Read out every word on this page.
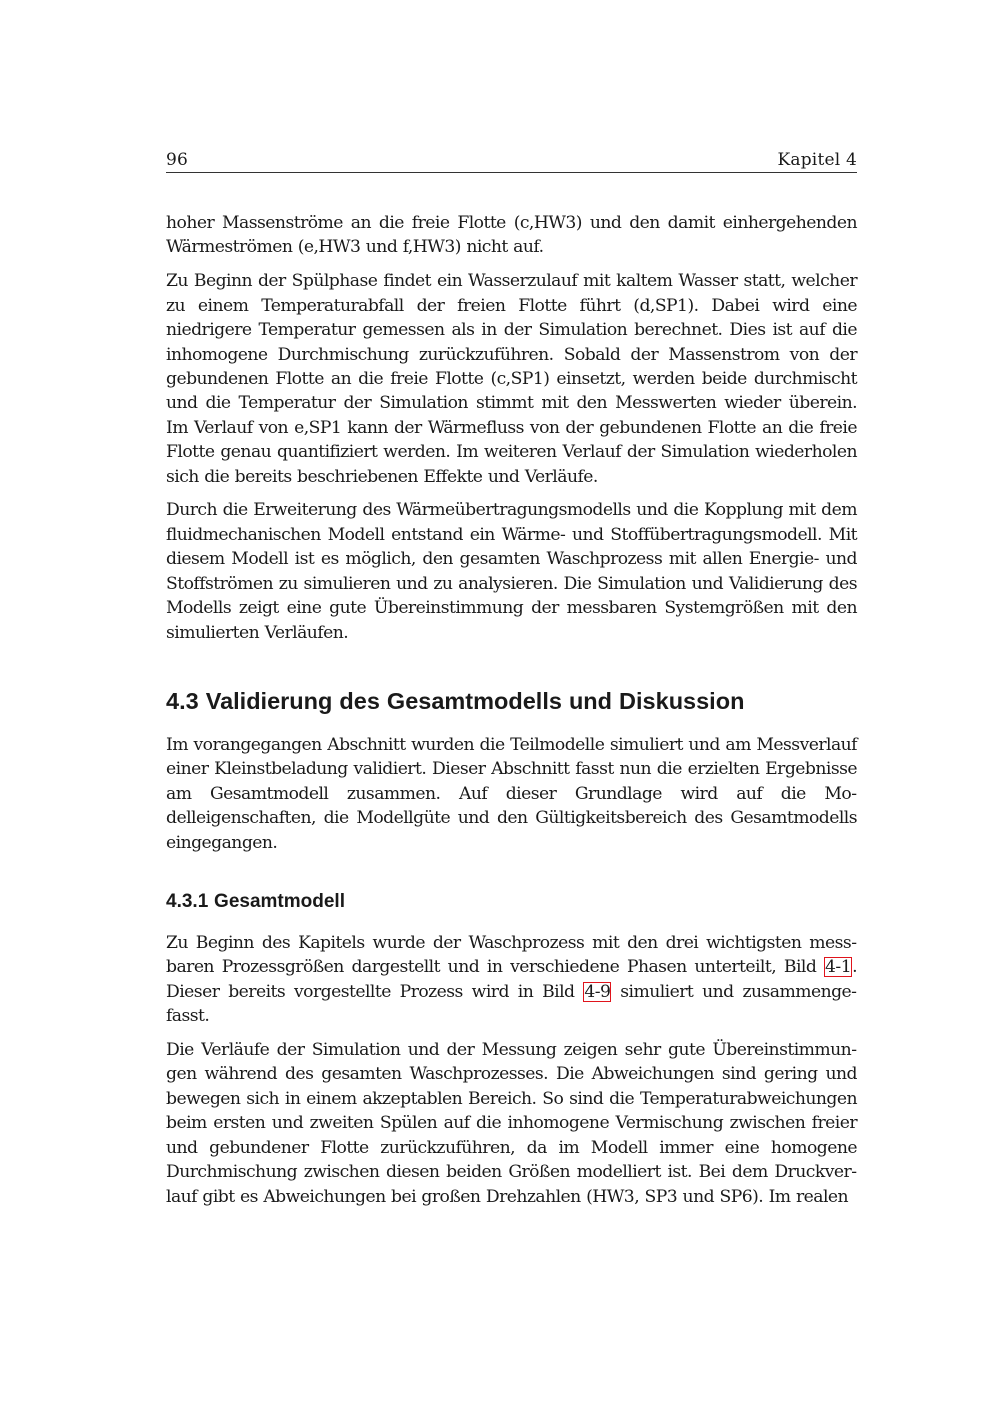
96	Kapitel 4

hoher Massenströme an die freie Flotte (c,HW3) und den damit einhergehenden Wärmeströmen (e,HW3 und f,HW3) nicht auf.

Zu Beginn der Spülphase findet ein Wasserzulauf mit kaltem Wasser statt, welcher zu einem Temperaturabfall der freien Flotte führt (d,SP1). Dabei wird eine niedrigere Temperatur gemessen als in der Simulation berechnet. Dies ist auf die inhomogene Durchmischung zurückzuführen. Sobald der Massenstrom von der gebundenen Flotte an die freie Flotte (c,SP1) einsetzt, werden beide durchmischt und die Temperatur der Simulation stimmt mit den Messwerten wieder überein. Im Verlauf von e,SP1 kann der Wärmefluss von der gebundenen Flotte an die freie Flotte genau quantifiziert werden. Im weiteren Verlauf der Simulation wiederholen sich die bereits beschriebenen Effekte und Verläufe.

Durch die Erweiterung des Wärmeübertragungsmodells und die Kopplung mit dem fluidmechanischen Modell entstand ein Wärme- und Stoffübertragungsmodell. Mit diesem Modell ist es möglich, den gesamten Waschprozess mit allen Energie- und Stoffströmen zu simulieren und zu analysieren. Die Simulation und Validierung des Modells zeigt eine gute Übereinstimmung der messbaren Systemgrößen mit den simulierten Verläufen.

4.3 Validierung des Gesamtmodells und Diskussion

Im vorangegangen Abschnitt wurden die Teilmodelle simuliert und am Messverlauf einer Kleinstbeladung validiert. Dieser Abschnitt fasst nun die erzielten Ergebnisse am Gesamtmodell zusammen. Auf dieser Grundlage wird auf die Modelleigenschaften, die Modellgüte und den Gültigkeitsbereich des Gesamtmodells eingegangen.

4.3.1 Gesamtmodell

Zu Beginn des Kapitels wurde der Waschprozess mit den drei wichtigsten messbaren Prozessgrößen dargestellt und in verschiedene Phasen unterteilt, Bild 4-1. Dieser bereits vorgestellte Prozess wird in Bild 4-9 simuliert und zusammengefasst.

Die Verläufe der Simulation und der Messung zeigen sehr gute Übereinstimmungen während des gesamten Waschprozesses. Die Abweichungen sind gering und bewegen sich in einem akzeptablen Bereich. So sind die Temperaturabweichungen beim ersten und zweiten Spülen auf die inhomogene Vermischung zwischen freier und gebundener Flotte zurückzuführen, da im Modell immer eine homogene Durchmischung zwischen diesen beiden Größen modelliert ist. Bei dem Druckverlauf gibt es Abweichungen bei großen Drehzahlen (HW3, SP3 und SP6). Im realen
